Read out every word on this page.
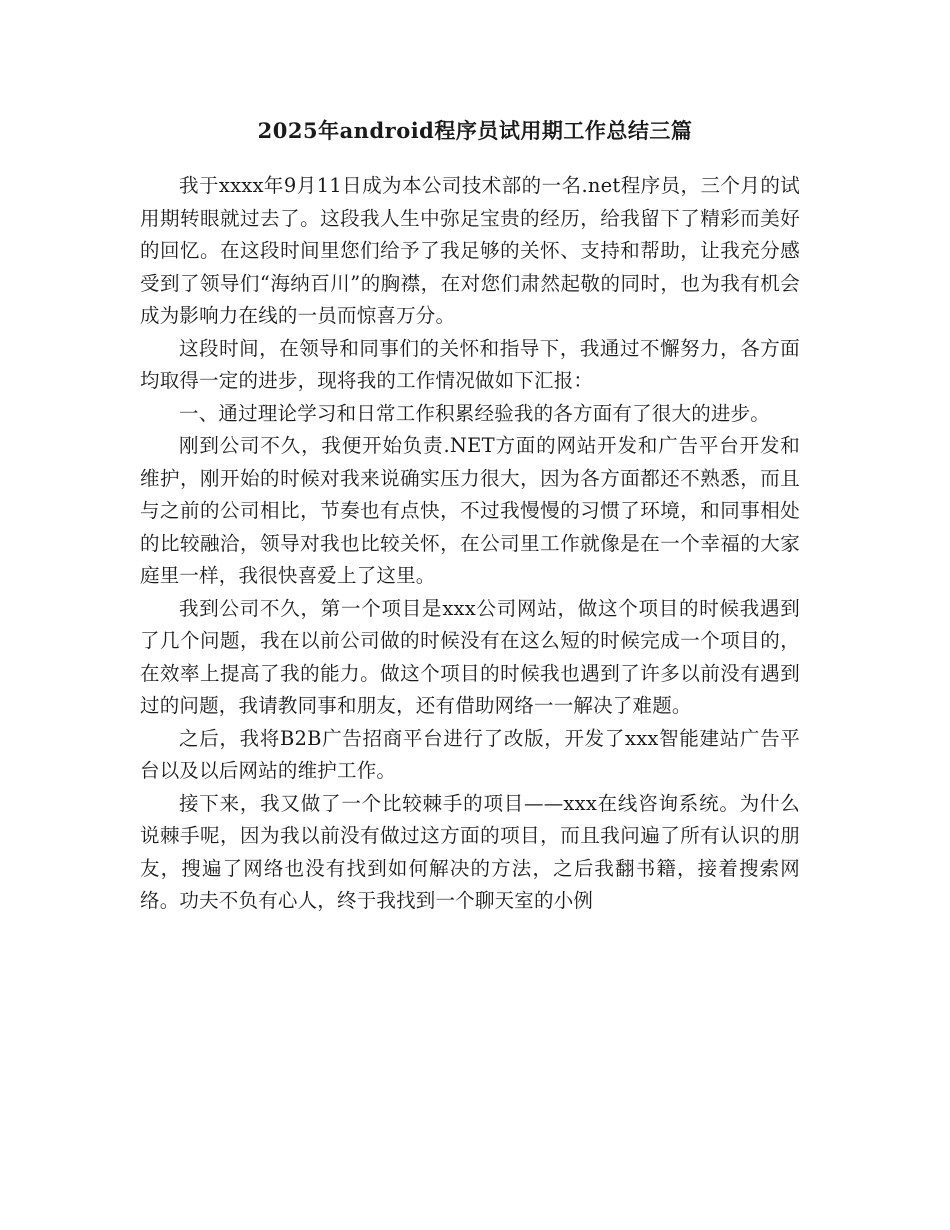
2025年android程序员试用期工作总结三篇

我于xxxx年9月11日成为本公司技术部的一名.net程序员，三个月的试用期转眼就过去了。这段我人生中弥足宝贵的经历，给我留下了精彩而美好的回忆。在这段时间里您们给予了我足够的关怀、支持和帮助，让我充分感受到了领导们“海纳百川”的胸襟，在对您们肃然起敬的同时，也为我有机会成为影响力在线的一员而惊喜万分。

这段时间，在领导和同事们的关怀和指导下，我通过不懈努力，各方面均取得一定的进步，现将我的工作情况做如下汇报：

一、通过理论学习和日常工作积累经验我的各方面有了很大的进步。

刚到公司不久，我便开始负责.NET方面的网站开发和广告平台开发和维护，刚开始的时候对我来说确实压力很大，因为各方面都还不熟悉，而且与之前的公司相比，节奏也有点快，不过我慢慢的习惯了环境，和同事相处的比较融洽，领导对我也比较关怀，在公司里工作就像是在一个幸福的大家庭里一样，我很快喜爱上了这里。

我到公司不久，第一个项目是xxx公司网站，做这个项目的时候我遇到了几个问题，我在以前公司做的时候没有在这么短的时候完成一个项目的，在效率上提高了我的能力。做这个项目的时候我也遇到了许多以前没有遇到过的问题，我请教同事和朋友，还有借助网络一一解决了难题。

之后，我将B2B广告招商平台进行了改版，开发了xxx智能建站广告平台以及以后网站的维护工作。

接下来，我又做了一个比较棘手的项目——xxx在线咨询系统。为什么说棘手呢，因为我以前没有做过这方面的项目，而且我问遍了所有认识的朋友，搜遍了网络也没有找到如何解决的方法，之后我翻书籍，接着搜索网络。功夫不负有心人，终于我找到一个聊天室的小例
